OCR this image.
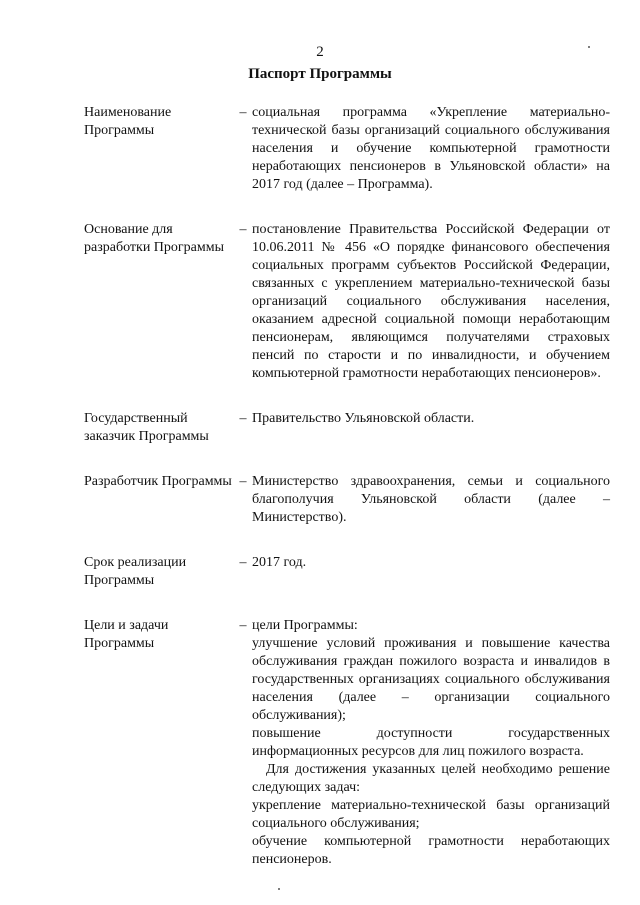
2
Паспорт Программы
Наименование Программы
– социальная программа «Укрепление материально-технической базы организаций социального обслуживания населения и обучение компьютерной грамотности неработающих пенсионеров в Ульяновской области» на 2017 год (далее – Программа).

Основание для разработки Программы
– постановление Правительства Российской Федерации от 10.06.2011 № 456 «О порядке финансового обеспечения социальных программ субъектов Российской Федерации, связанных с укреплением материально-технической базы организаций социального обслуживания населения, оказанием адресной социальной помощи неработающим пенсионерам, являющимся получателями страховых пенсий по старости и по инвалидности, и обучением компьютерной грамотности неработающих пенсионеров».

Государственный заказчик Программы
– Правительство Ульяновской области.

Разработчик Программы – Министерство здравоохранения, семьи и социального благополучия Ульяновской области (далее – Министерство).

Срок реализации Программы
– 2017 год.

Цели и задачи Программы
– цели Программы:

улучшение условий проживания и повышение качества обслуживания граждан пожилого возраста и инвалидов в государственных организациях социального обслуживания населения (далее – организации социального обслуживания);

повышение доступности государственных информационных ресурсов для лиц пожилого возраста.

Для достижения указанных целей необходимо решение следующих задач:

укрепление материально-технической базы организаций социального обслуживания;

обучение компьютерной грамотности неработающих пенсионеров.
